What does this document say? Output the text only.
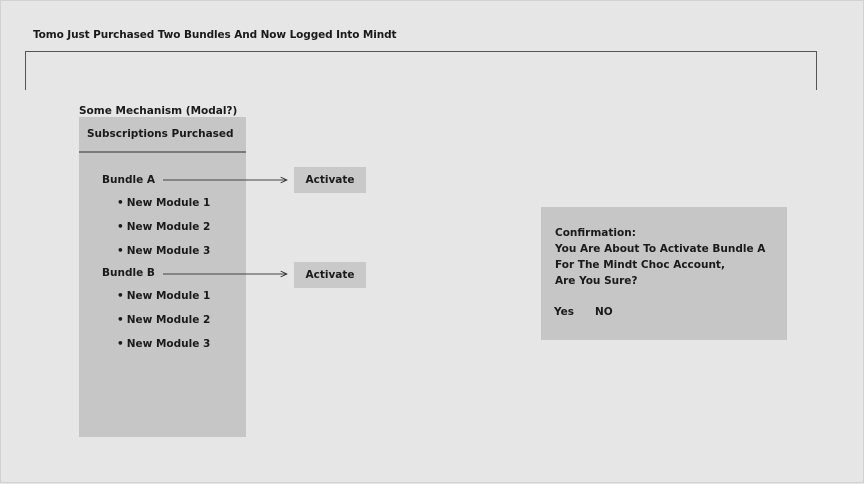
Tomo Just Purchased Two Bundles And Now Logged Into Mindt
Some Mechanism (Modal?)
Subscriptions Purchased
Bundle A
• New Module 1
• New Module 2
• New Module 3
Bundle B
• New Module 1
• New Module 2
• New Module 3
Activate
Activate
Confirmation:
You Are About To Activate Bundle A
For The Mindt Choc Account,
Are You Sure?
Yes NO
